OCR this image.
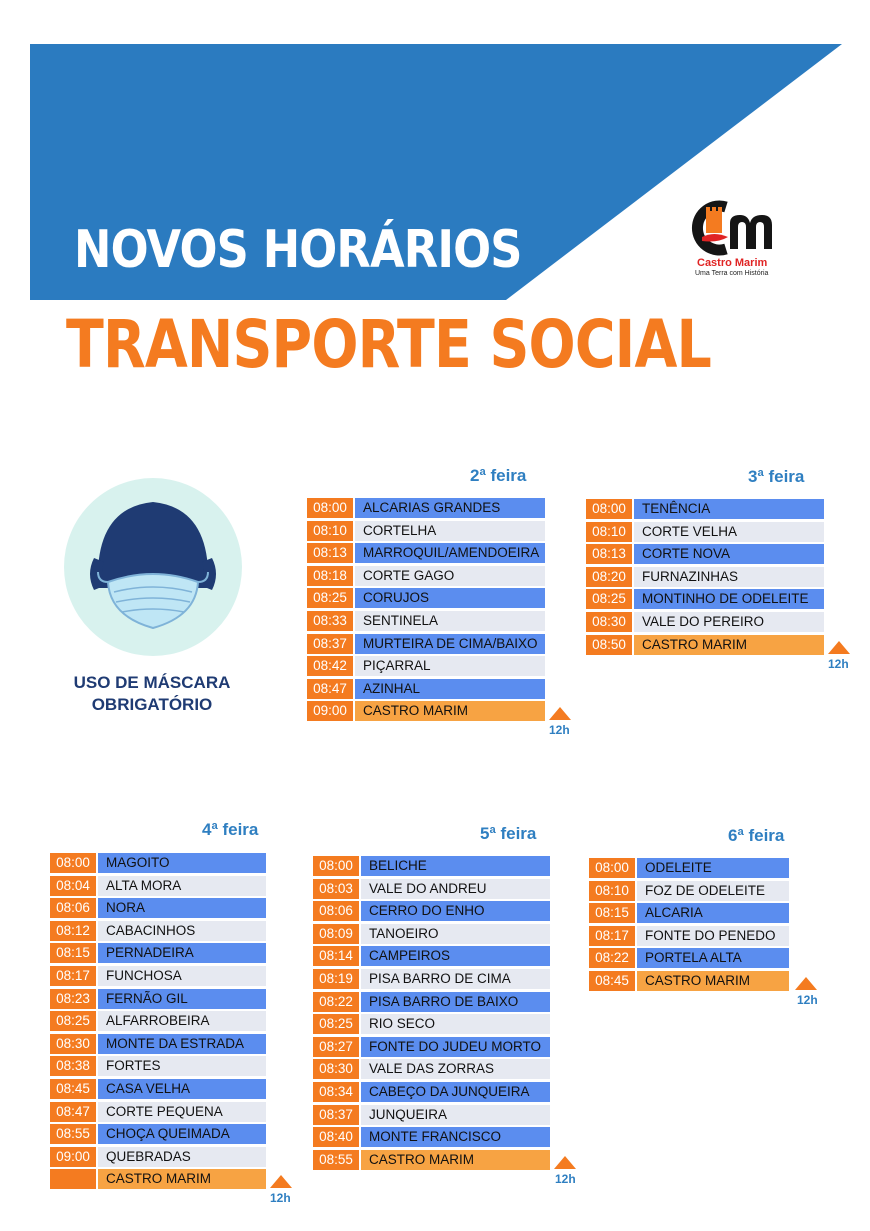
NOVOS HORÁRIOS
TRANSPORTE SOCIAL
Castro Marim
Uma Terra com História
USO DE MÁSCARA
OBRIGATÓRIO
2ª feira
08:00	ALCARIAS GRANDES
08:10	CORTELHA
08:13	MARROQUIL/AMENDOEIRA
08:18	CORTE GAGO
08:25	CORUJOS
08:33	SENTINELA
08:37	MURTEIRA DE CIMA/BAIXO
08:42	PIÇARRAL
08:47	AZINHAL
09:00	CASTRO MARIM
12h
3ª feira
08:00	TENÊNCIA
08:10	CORTE VELHA
08:13	CORTE NOVA
08:20	FURNAZINHAS
08:25	MONTINHO DE ODELEITE
08:30	VALE DO PEREIRO
08:50	CASTRO MARIM
12h
4ª feira
08:00	MAGOITO
08:04	ALTA MORA
08:06	NORA
08:12	CABACINHOS
08:15	PERNADEIRA
08:17	FUNCHOSA
08:23	FERNÃO GIL
08:25	ALFARROBEIRA
08:30	MONTE DA ESTRADA
08:38	FORTES
08:45	CASA VELHA
08:47	CORTE PEQUENA
08:55	CHOÇA QUEIMADA
09:00	QUEBRADAS
CASTRO MARIM
12h
5ª feira
08:00	BELICHE
08:03	VALE DO ANDREU
08:06	CERRO DO ENHO
08:09	TANOEIRO
08:14	CAMPEIROS
08:19	PISA BARRO DE CIMA
08:22	PISA BARRO DE BAIXO
08:25	RIO SECO
08:27	FONTE DO JUDEU MORTO
08:30	VALE DAS ZORRAS
08:34	CABEÇO DA JUNQUEIRA
08:37	JUNQUEIRA
08:40	MONTE FRANCISCO
08:55	CASTRO MARIM
12h
6ª feira
08:00	ODELEITE
08:10	FOZ DE ODELEITE
08:15	ALCARIA
08:17	FONTE DO PENEDO
08:22	PORTELA ALTA
08:45	CASTRO MARIM
12h
